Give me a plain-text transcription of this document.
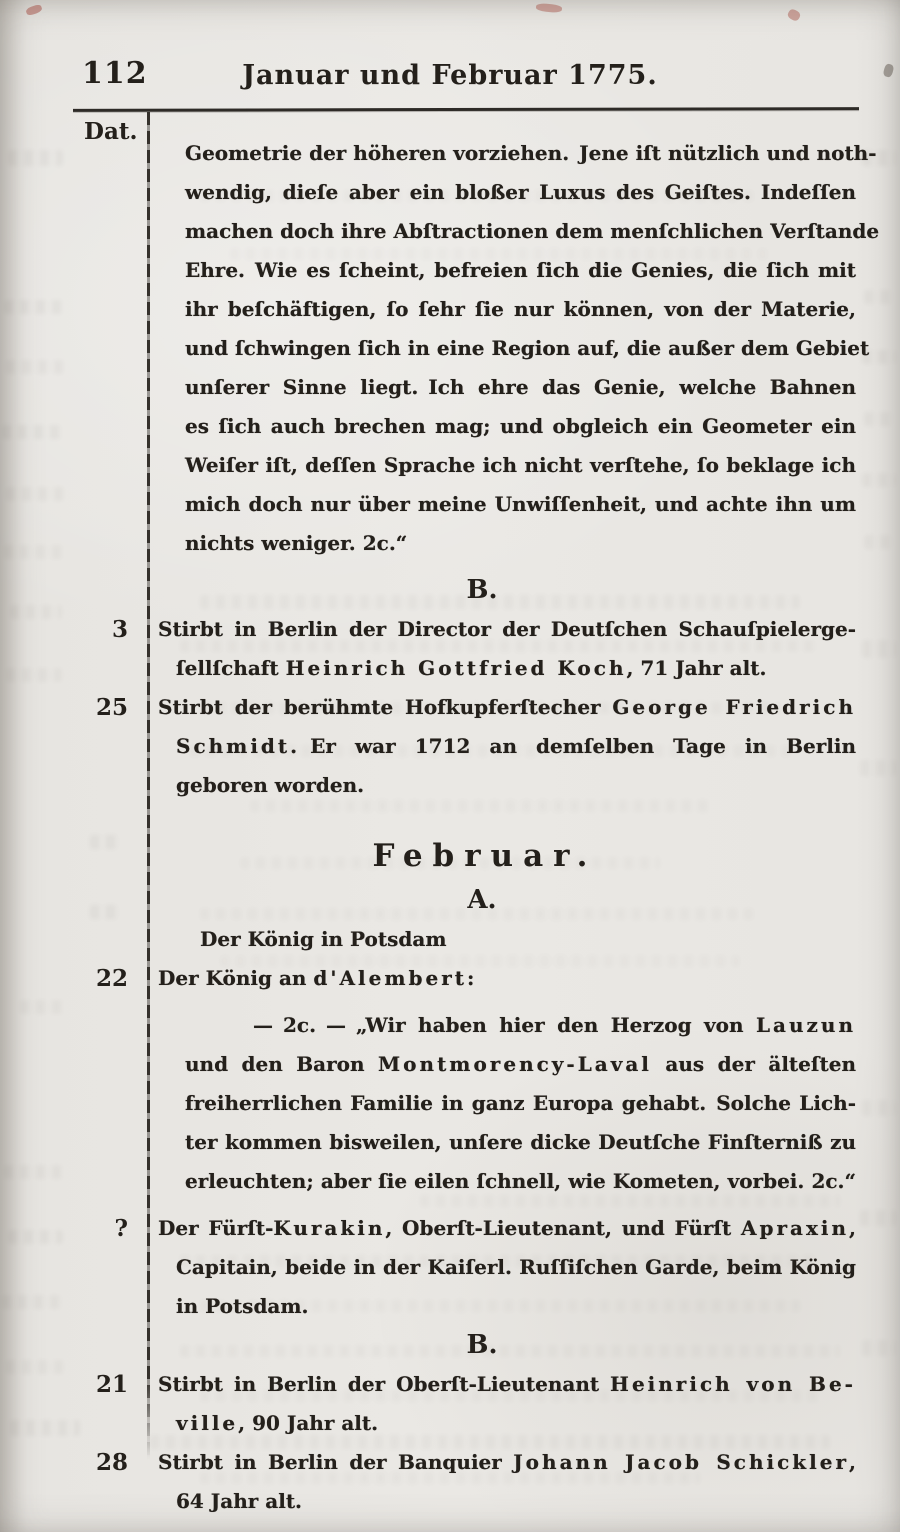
112	Januar und Februar 1775.
Dat.
Geometrie der höheren vorziehen. Jene iſt nützlich und noth-
wendig, dieſe aber ein bloßer Luxus des Geiſtes. Indeſſen
machen doch ihre Abſtractionen dem menſchlichen Verſtande
Ehre. Wie es ſcheint, befreien ſich die Genies, die ſich mit
ihr beſchäftigen, ſo ſehr ſie nur können, von der Materie,
und ſchwingen ſich in eine Region auf, die außer dem Gebiet
unſerer Sinne liegt. Ich ehre das Genie, welche Bahnen
es ſich auch brechen mag; und obgleich ein Geometer ein
Weiſer iſt, deſſen Sprache ich nicht verſtehe, ſo beklage ich
mich doch nur über meine Unwiſſenheit, und achte ihn um
nichts weniger. 2c.“
B.
3 Stirbt in Berlin der Director der Deutſchen Schauſpielerge-
ſellſchaft Heinrich Gottfried Koch, 71 Jahr alt.
25 Stirbt der berühmte Hofkupferſtecher George Friedrich
Schmidt. Er war 1712 an demſelben Tage in Berlin
geboren worden.
Februar.
A.
Der König in Potsdam
22 Der König an d'Alembert:
— 2c. — „Wir haben hier den Herzog von Lauzun
und den Baron Montmorency-Laval aus der älteſten
freiherrlichen Familie in ganz Europa gehabt. Solche Lich-
ter kommen bisweilen, unſere dicke Deutſche Finſterniß zu
erleuchten; aber ſie eilen ſchnell, wie Kometen, vorbei. 2c.“
? Der Fürſt-Kurakin, Oberſt-Lieutenant, und Fürſt Apraxin,
Capitain, beide in der Kaiſerl. Ruſſiſchen Garde, beim König
in Potsdam.
B.
21 Stirbt in Berlin der Oberſt-Lieutenant Heinrich von Be-
ville, 90 Jahr alt.
28 Stirbt in Berlin der Banquier Johann Jacob Schickler,
64 Jahr alt.
